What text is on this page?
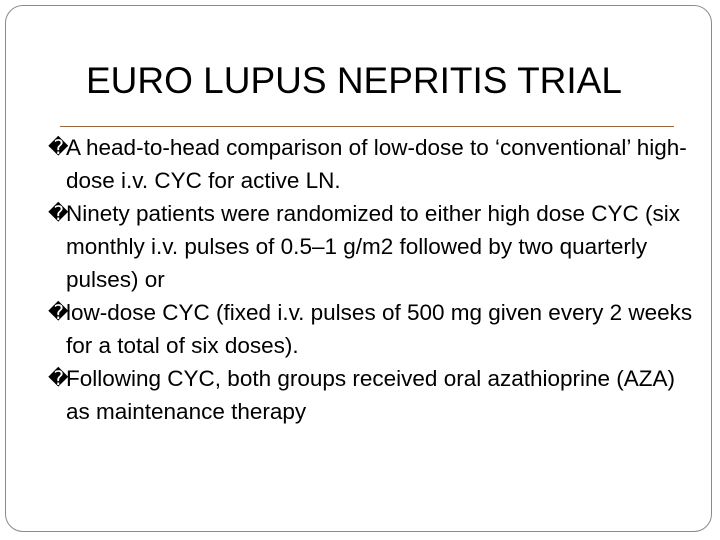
EURO LUPUS NEPRITIS TRIAL
�
A head-to-head comparison of low-dose to ‘conventional’ high-dose i.v. CYC for active LN.
�
Ninety patients were randomized to either high dose CYC (six monthly i.v. pulses of 0.5–1 g/m2 followed by two quarterly pulses) or
�
low-dose CYC (fixed i.v. pulses of 500 mg given every 2 weeks for a total of six doses).
�
Following CYC, both groups received oral azathioprine (AZA) as maintenance therapy
